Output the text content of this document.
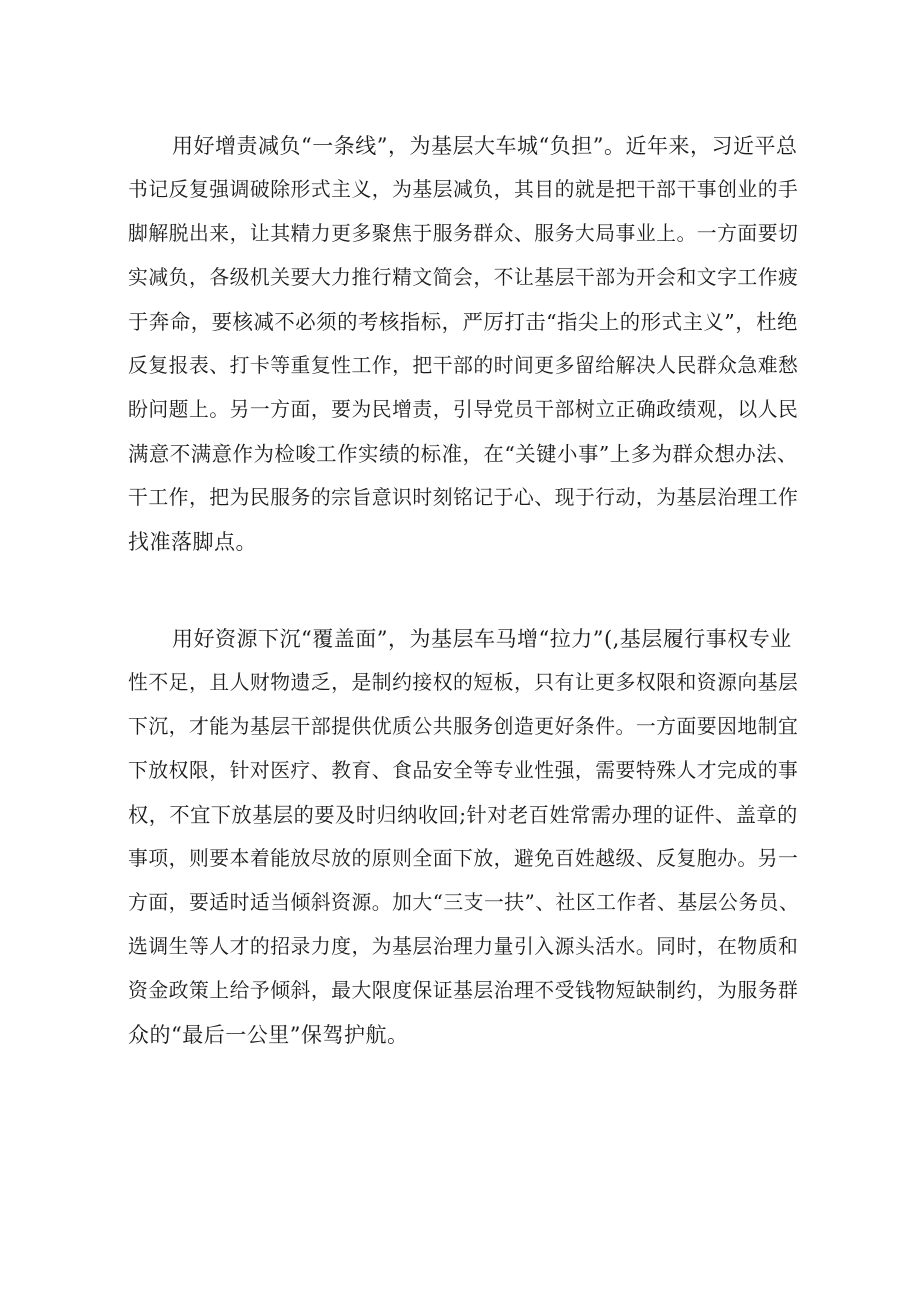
用好增责减负“一条线”，为基层大车城“负担”。近年来，习近平总
书记反复强调破除形式主义，为基层减负，其目的就是把干部干事创业的手
脚解脱出来，让其精力更多聚焦于服务群众、服务大局事业上。一方面要切
实减负，各级机关要大力推行精文简会，不让基层干部为开会和文字工作疲
于奔命，要核减不必须的考核指标，严厉打击“指尖上的形式主义”，杜绝
反复报表、打卡等重复性工作，把干部的时间更多留给解决人民群众急难愁
盼问题上。另一方面，要为民增责，引导党员干部树立正确政绩观，以人民
满意不满意作为检唆工作实绩的标准，在“关键小事”上多为群众想办法、
干工作，把为民服务的宗旨意识时刻铭记于心、现于行动，为基层治理工作
找准落脚点。
用好资源下沉“覆盖面”，为基层车马增“拉力”(,基层履行事权专业
性不足，且人财物遗乏，是制约接权的短板，只有让更多权限和资源向基层
下沉，才能为基层干部提供优质公共服务创造更好条件。一方面要因地制宜
下放权限，针对医疗、教育、食品安全等专业性强，需要特殊人才完成的事
权，不宜下放基层的要及时归纳收回;针对老百姓常需办理的证件、盖章的
事项，则要本着能放尽放的原则全面下放，避免百姓越级、反复胞办。另一
方面，要适时适当倾斜资源。加大“三支一扶”、社区工作者、基层公务员、
选调生等人才的招录力度，为基层治理力量引入源头活水。同时，在物质和
资金政策上给予倾斜，最大限度保证基层治理不受钱物短缺制约，为服务群
众的“最后一公里”保驾护航。
